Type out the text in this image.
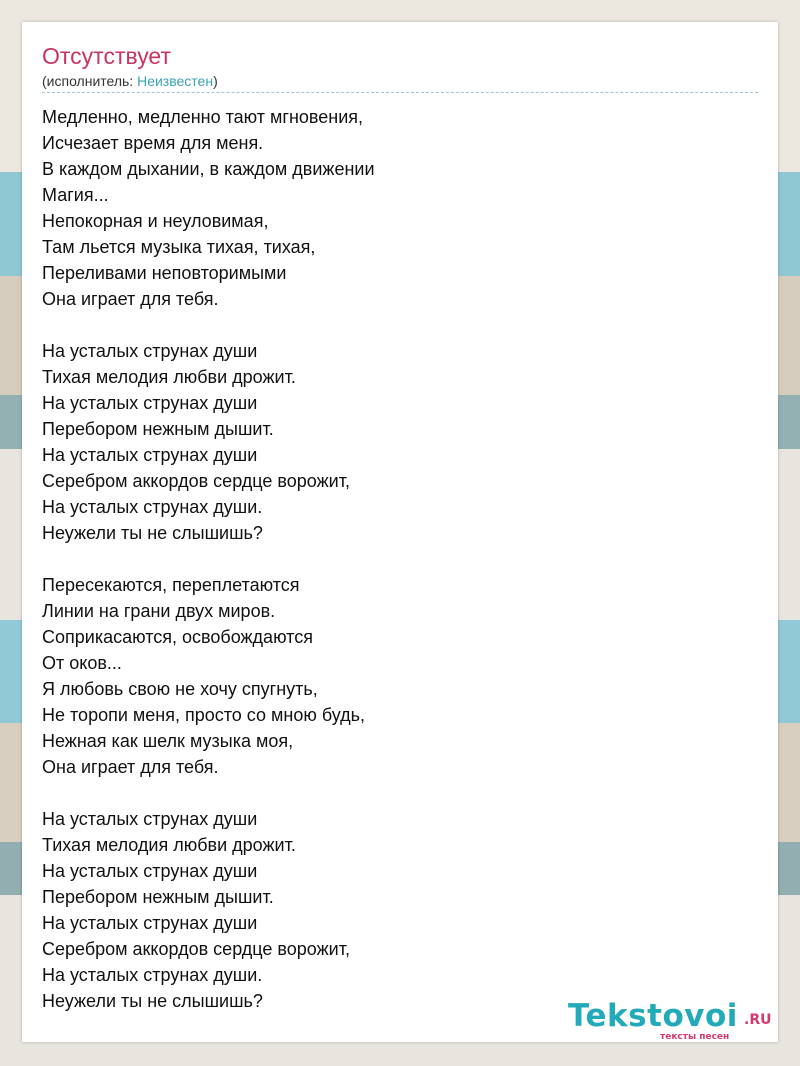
Отсутствует
(исполнитель: Неизвестен)
Медленно, медленно тают мгновения,
Исчезает время для меня.
В каждом дыхании, в каждом движении
Магия...
Непокорная и неуловимая,
Там льется музыка тихая, тихая,
Переливами неповторимыми
Она играет для тебя.
На усталых струнах души
Тихая мелодия любви дрожит.
На усталых струнах души
Перебором нежным дышит.
На усталых струнах души
Серебром аккордов сердце ворожит,
На усталых струнах души.
Неужели ты не слышишь?
Пересекаются, переплетаются
Линии на грани двух миров.
Соприкасаются, освобождаются
От оков...
Я любовь свою не хочу спугнуть,
Не торопи меня, просто со мною будь,
Нежная как шелк музыка моя,
Она играет для тебя.
На усталых струнах души
Тихая мелодия любви дрожит.
На усталых струнах души
Перебором нежным дышит.
На усталых струнах души
Серебром аккордов сердце ворожит,
На усталых струнах души.
Неужели ты не слышишь?	Tekstovoi .RU
тексты песен
